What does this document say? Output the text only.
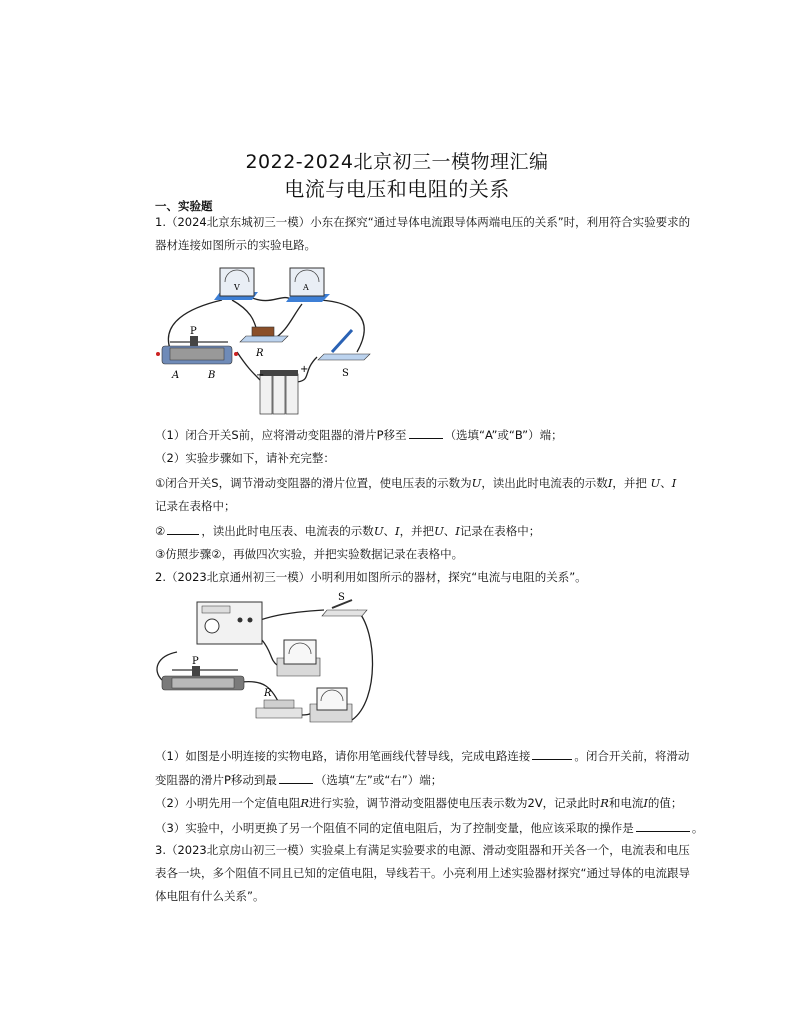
2022-2024北京初三一模物理汇编
电流与电压和电阻的关系
一、实验题
1.（2024北京东城初三一模）小东在探究“通过导体电流跟导体两端电压的关系”时，利用符合实验要求的
器材连接如图所示的实验电路。
V	A
R
P
A	B	−
+	S
（1）闭合开关S前，应将滑动变阻器的滑片P移至	（选填“A”或“B”）端；
（2）实验步骤如下，请补充完整：
①闭合开关S，调节滑动变阻器的滑片位置，使电压表的示数为U，读出此时电流表的示数I，并把 U、I
记录在表格中；
②	，读出此时电压表、电流表的示数U、I，并把U、I记录在表格中；
③仿照步骤②，再做四次实验，并把实验数据记录在表格中。
2.（2023北京通州初三一模）小明利用如图所示的器材，探究“电流与电阻的关系”。
S
P
R
（1）如图是小明连接的实物电路，请你用笔画线代替导线，完成电路连接	。闭合开关前，将滑动
变阻器的滑片P移动到最	（选填“左”或“右”）端；
（2）小明先用一个定值电阻R进行实验，调节滑动变阻器使电压表示数为2V，记录此时R和电流I的值；
（3）实验中，小明更换了另一个阻值不同的定值电阻后，为了控制变量，他应该采取的操作是	。
3.（2023北京房山初三一模）实验桌上有满足实验要求的电源、滑动变阻器和开关各一个，电流表和电压
表各一块，多个阻值不同且已知的定值电阻，导线若干。小亮利用上述实验器材探究“通过导体的电流跟导
体电阻有什么关系”。
